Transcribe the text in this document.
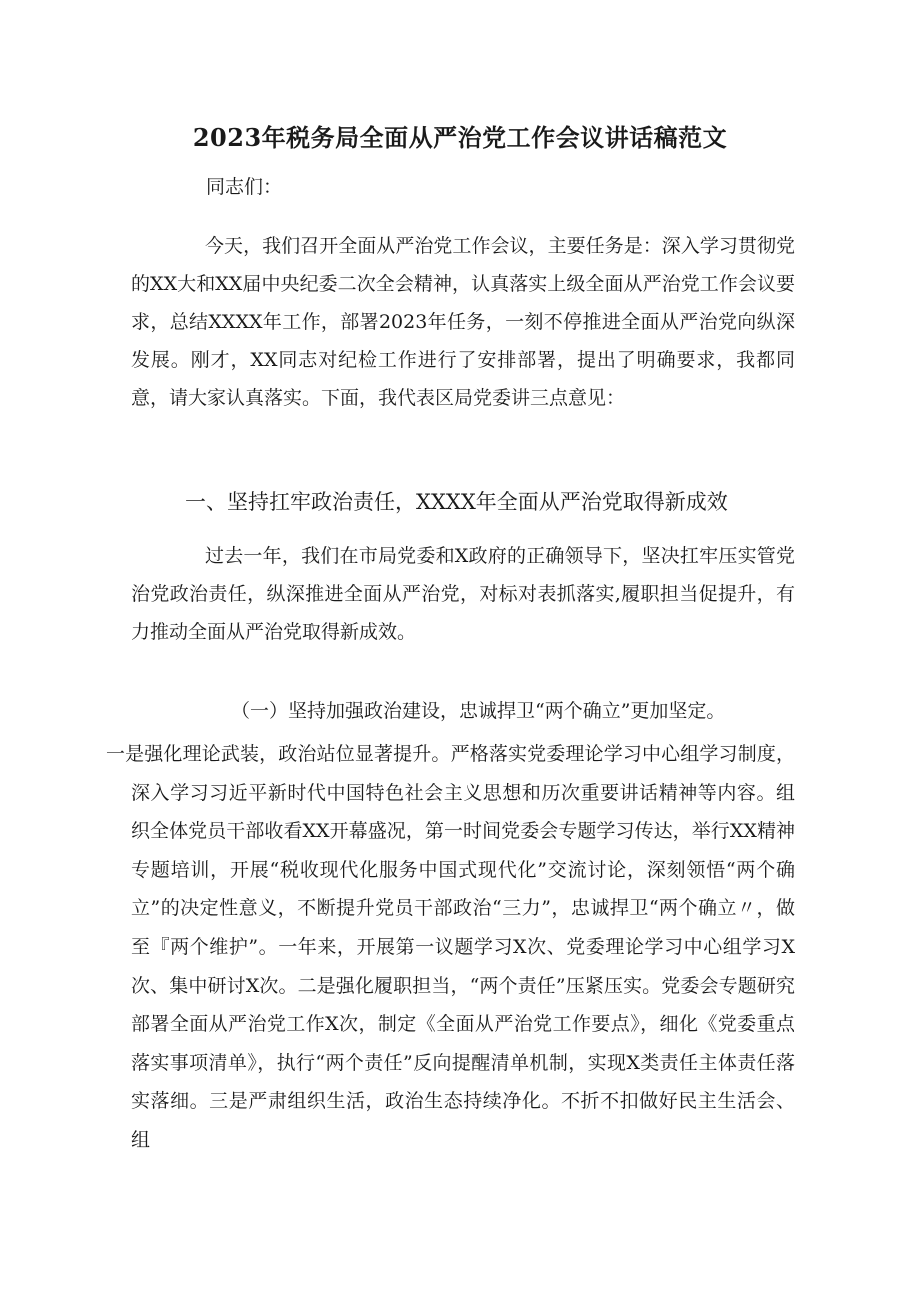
2023年税务局全面从严治党工作会议讲话稿范文
同志们：

今天，我们召开全面从严治党工作会议，主要任务是：深入学习贯彻党的XX大和XX届中央纪委二次全会精神，认真落实上级全面从严治党工作会议要求，总结XXXX年工作，部署2023年任务，一刻不停推进全面从严治党向纵深发展。刚才，XX同志对纪检工作进行了安排部署，提出了明确要求，我都同意，请大家认真落实。下面，我代表区局党委讲三点意见：

一、坚持扛牢政治责任，XXXX年全面从严治党取得新成效

过去一年，我们在市局党委和X政府的正确领导下，坚决扛牢压实管党治党政治责任，纵深推进全面从严治党，对标对表抓落实,履职担当促提升，有力推动全面从严治党取得新成效。

（一）坚持加强政治建设，忠诚捍卫“两个确立”更加坚定。

一是强化理论武装，政治站位显著提升。严格落实党委理论学习中心组学习制度，深入学习习近平新时代中国特色社会主义思想和历次重要讲话精神等内容。组织全体党员干部收看XX开幕盛况，第一时间党委会专题学习传达，举行XX精神专题培训，开展“税收现代化服务中国式现代化”交流讨论，深刻领悟“两个确立”的决定性意义，不断提升党员干部政治“三力”，忠诚捍卫“两个确立〃，做至『两个维护”。一年来，开展第一议题学习X次、党委理论学习中心组学习X次、集中研讨X次。二是强化履职担当，“两个责任”压紧压实。党委会专题研究部署全面从严治党工作X次，制定《全面从严治党工作要点》，细化《党委重点落实事项清单》，执行“两个责任”反向提醒清单机制，实现X类责任主体责任落实落细。三是严肃组织生活，政治生态持续净化。不折不扣做好民主生活会、组
